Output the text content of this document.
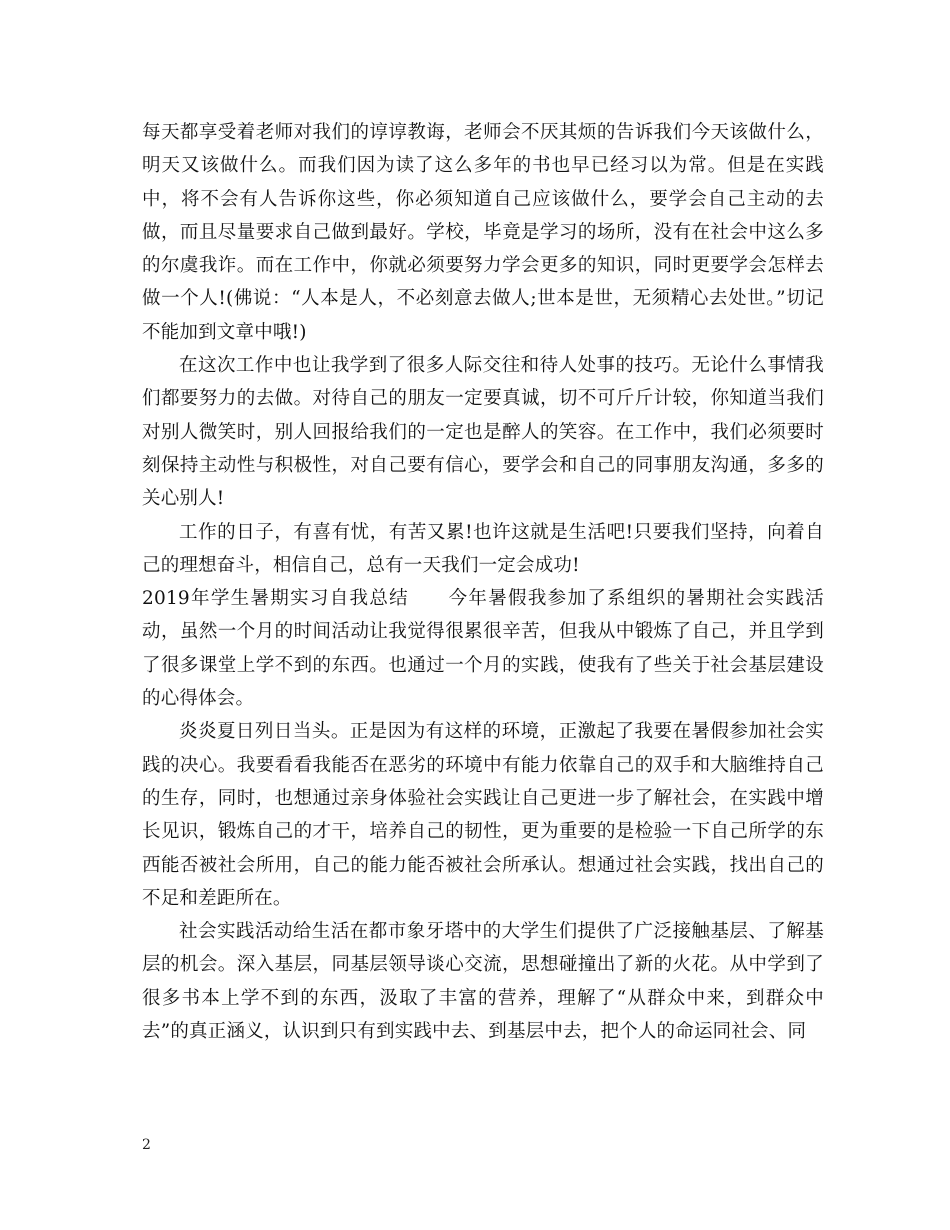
每天都享受着老师对我们的谆谆教诲，老师会不厌其烦的告诉我们今天该做什么，明天又该做什么。而我们因为读了这么多年的书也早已经习以为常。但是在实践中，将不会有人告诉你这些，你必须知道自己应该做什么，要学会自己主动的去做，而且尽量要求自己做到最好。学校，毕竟是学习的场所，没有在社会中这么多的尔虞我诈。而在工作中，你就必须要努力学会更多的知识，同时更要学会怎样去做一个人!(佛说：“人本是人，不必刻意去做人;世本是世，无须精心去处世。”切记不能加到文章中哦!)

在这次工作中也让我学到了很多人际交往和待人处事的技巧。无论什么事情我们都要努力的去做。对待自己的朋友一定要真诚，切不可斤斤计较，你知道当我们对别人微笑时，别人回报给我们的一定也是醉人的笑容。在工作中，我们必须要时刻保持主动性与积极性，对自己要有信心，要学会和自己的同事朋友沟通，多多的关心别人!

工作的日子，有喜有忧，有苦又累!也许这就是生活吧!只要我们坚持，向着自己的理想奋斗，相信自己，总有一天我们一定会成功!

2019年学生暑期实习自我总结　　今年暑假我参加了系组织的暑期社会实践活动，虽然一个月的时间活动让我觉得很累很辛苦，但我从中锻炼了自己，并且学到了很多课堂上学不到的东西。也通过一个月的实践，使我有了些关于社会基层建设的心得体会。

炎炎夏日列日当头。正是因为有这样的环境，正激起了我要在暑假参加社会实践的决心。我要看看我能否在恶劣的环境中有能力依靠自己的双手和大脑维持自己的生存，同时，也想通过亲身体验社会实践让自己更进一步了解社会，在实践中增长见识，锻炼自己的才干，培养自己的韧性，更为重要的是检验一下自己所学的东西能否被社会所用，自己的能力能否被社会所承认。想通过社会实践，找出自己的不足和差距所在。

社会实践活动给生活在都市象牙塔中的大学生们提供了广泛接触基层、了解基层的机会。深入基层，同基层领导谈心交流，思想碰撞出了新的火花。从中学到了很多书本上学不到的东西，汲取了丰富的营养，理解了“从群众中来，到群众中去”的真正涵义，认识到只有到实践中去、到基层中去，把个人的命运同社会、同

2
